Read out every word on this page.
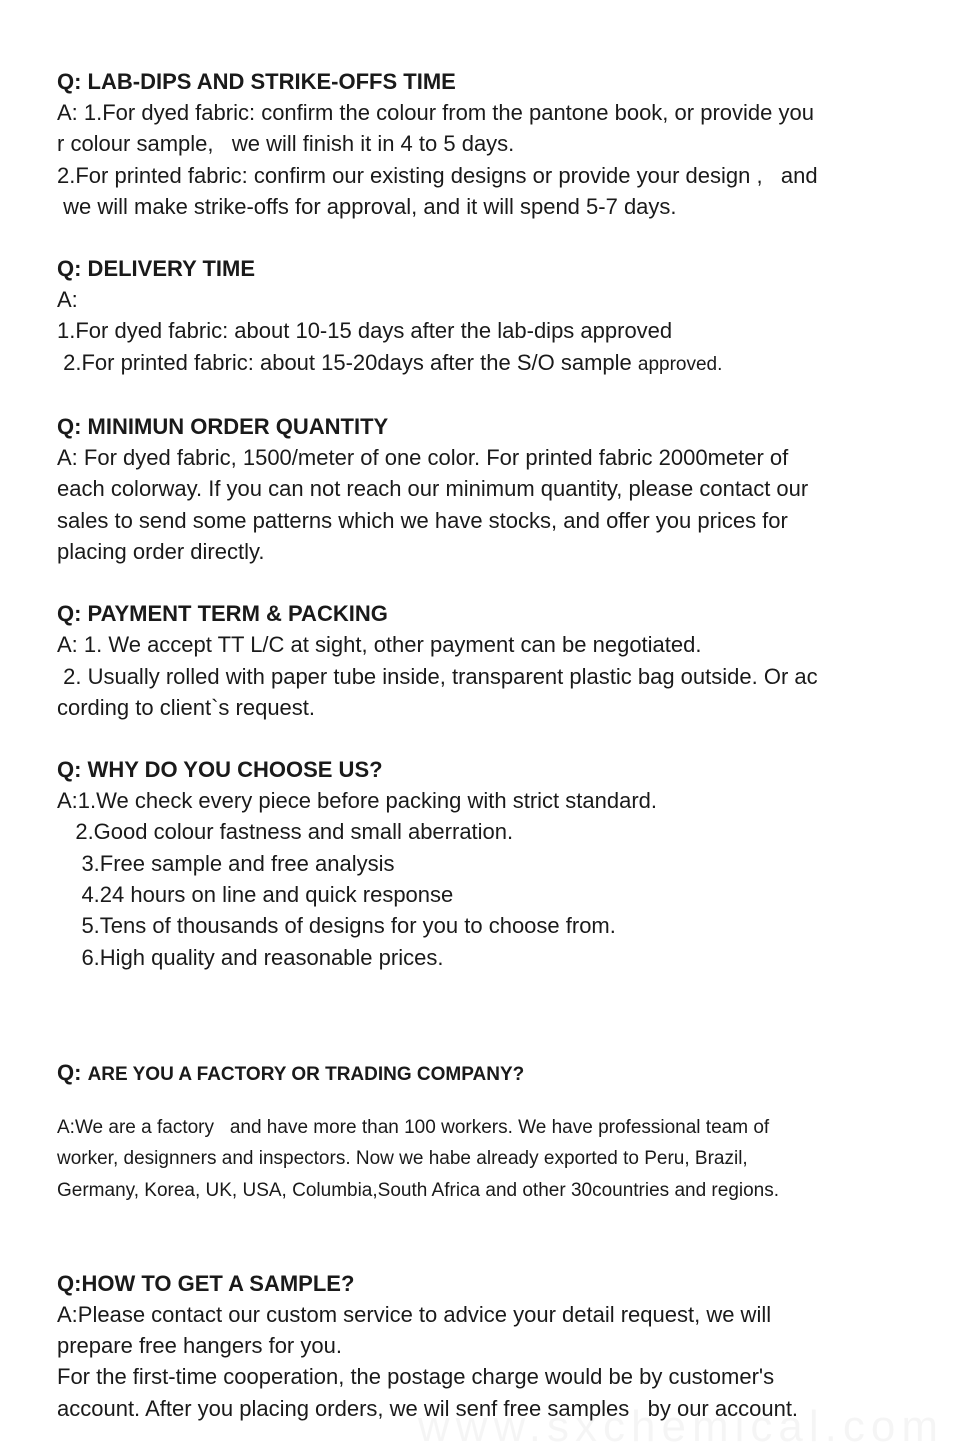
Q: LAB-DIPS AND STRIKE-OFFS TIME

A: 1.For dyed fabric: confirm the colour from the pantone book, or provide you

r colour sample,   we will finish it in 4 to 5 days.

2.For printed fabric: confirm our existing designs or provide your design ,   and

we will make strike-offs for approval, and it will spend 5-7 days.

Q: DELIVERY TIME

A:

1.For dyed fabric: about 10-15 days after the lab-dips approved

2.For printed fabric: about 15-20days after the S/O sample approved.

Q: MINIMUN ORDER QUANTITY

A: For dyed fabric, 1500/meter of one color. For printed fabric 2000meter of

each colorway. If you can not reach our minimum quantity, please contact our

sales to send some patterns which we have stocks, and offer you prices for

placing order directly.

Q: PAYMENT TERM & PACKING

A: 1. We accept TT L/C at sight, other payment can be negotiated.

2. Usually rolled with paper tube inside, transparent plastic bag outside. Or ac

cording to client`s request.

Q: WHY DO YOU CHOOSE US?

A:1.We check every piece before packing with strict standard.

2.Good colour fastness and small aberration.

3.Free sample and free analysis

4.24 hours on line and quick response

5.Tens of thousands of designs for you to choose from.

6.High quality and reasonable prices.

Q: ARE YOU A FACTORY OR TRADING COMPANY?

A:We are a factory   and have more than 100 workers. We have professional team of

worker, designners and inspectors. Now we habe already exported to Peru, Brazil,

Germany, Korea, UK, USA, Columbia,South Africa and other 30countries and regions.

Q:HOW TO GET A SAMPLE?

A:Please contact our custom service to advice your detail request, we will

prepare free hangers for you.

For the first-time cooperation, the postage charge would be by customer's

account. After you placing orders, we wil senf free samples   by our account.
